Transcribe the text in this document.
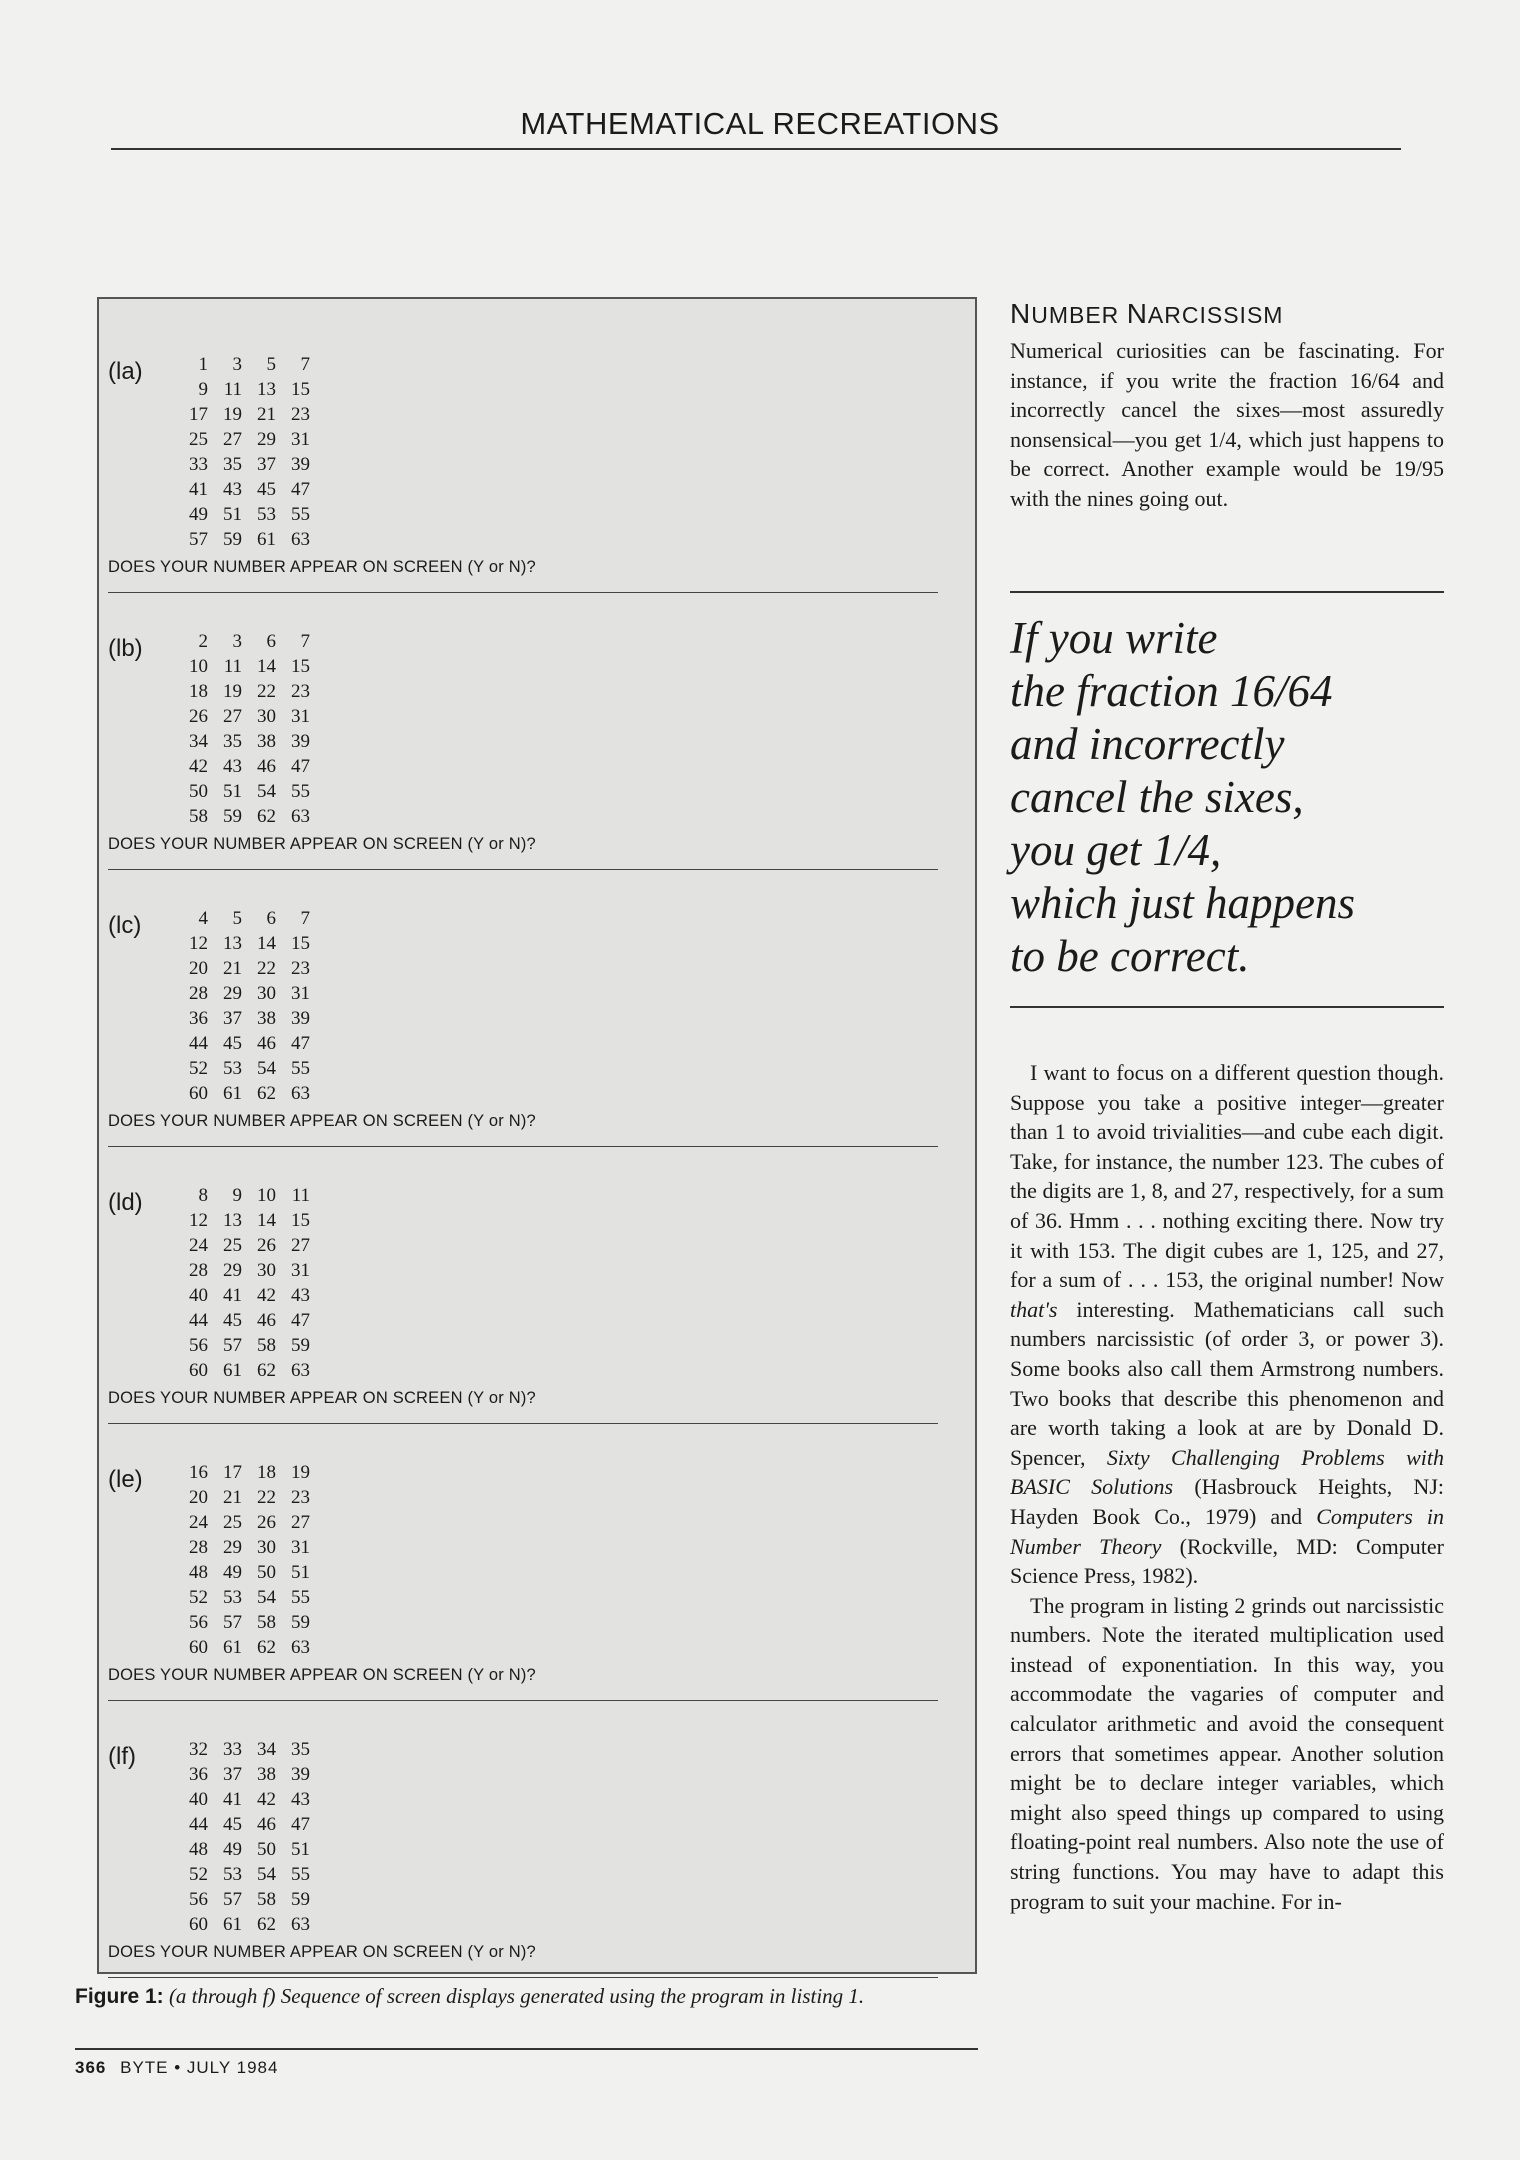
MATHEMATICAL RECREATIONS
(la)	1	3	5	7
9	11	13	15
17	19	21	23
25	27	29	31
33	35	37	39
41	43	45	47
49	51	53	55
57	59	61	63
DOES YOUR NUMBER APPEAR ON SCREEN (Y or N)?
(lb)	2	3	6	7
10	11	14	15
18	19	22	23
26	27	30	31
34	35	38	39
42	43	46	47
50	51	54	55
58	59	62	63
DOES YOUR NUMBER APPEAR ON SCREEN (Y or N)?
(lc)	4	5	6	7
12	13	14	15
20	21	22	23
28	29	30	31
36	37	38	39
44	45	46	47
52	53	54	55
60	61	62	63
DOES YOUR NUMBER APPEAR ON SCREEN (Y or N)?
(ld)	8	9	10	11
12	13	14	15
24	25	26	27
28	29	30	31
40	41	42	43
44	45	46	47
56	57	58	59
60	61	62	63
DOES YOUR NUMBER APPEAR ON SCREEN (Y or N)?
(le) 16	17	18	19
20	21	22	23
24	25	26	27
28	29	30	31
48	49	50	51
52	53	54	55
56	57	58	59
60	61	62	63
DOES YOUR NUMBER APPEAR ON SCREEN (Y or N)?
(lf)	32	33	34	35
36	37	38	39
40	41	42	43
44	45	46	47
48	49	50	51
52	53	54	55
56	57	58	59
60	61	62	63
DOES YOUR NUMBER APPEAR ON SCREEN (Y or N)?
Figure 1: (a through f) Sequence of screen displays generated using the program in listing 1.
366 BYTE • JULY 1984
NUMBER NARCISSISM

Numerical curiosities can be fascinating. For instance, if you write the fraction 16/64 and incorrectly cancel the sixes—most assuredly nonsensical—you get 1/4, which just happens to be correct. Another example would be 19/95 with the nines going out.

If you write

the fraction 16/64

and incorrectly

cancel the sixes,

you get 1/4,

which just happens

to be correct.

I want to focus on a different question though. Suppose you take a positive integer—greater than 1 to avoid trivialities—and cube each digit. Take, for instance, the number 123. The cubes of the digits are 1, 8, and 27, respectively, for a sum of 36. Hmm . . . nothing exciting there. Now try it with 153. The digit cubes are 1, 125, and 27, for a sum of . . . 153, the original number! Now that's interesting. Mathematicians call such numbers narcissistic (of order 3, or power 3). Some books also call them Armstrong numbers. Two books that describe this phenomenon and are worth taking a look at are by Donald D. Spencer, Sixty Challenging Problems with BASIC Solutions (Hasbrouck Heights, NJ: Hayden Book Co., 1979) and Computers in Number Theory (Rockville, MD: Computer Science Press, 1982).

The program in listing 2 grinds out narcissistic numbers. Note the iterated multiplication used instead of exponentiation. In this way, you accommodate the vagaries of computer and calculator arithmetic and avoid the consequent errors that sometimes appear. Another solution might be to declare integer variables, which might also speed things up compared to using floating-point real numbers. Also note the use of string functions. You may have to adapt this program to suit your machine. For in-
